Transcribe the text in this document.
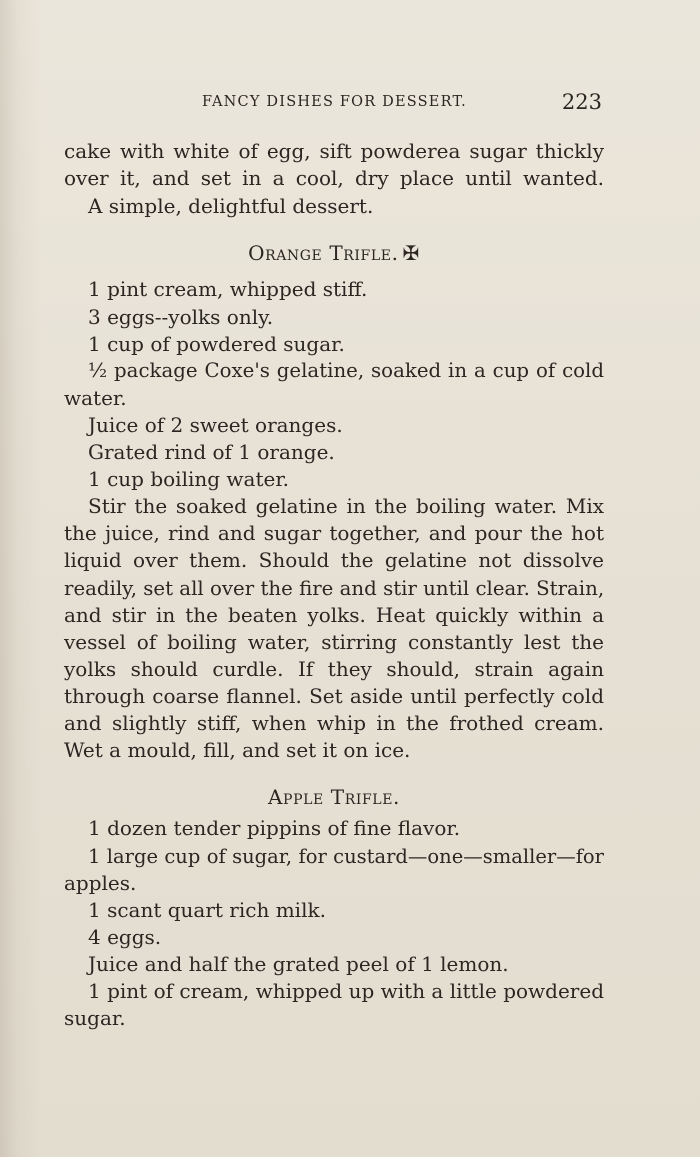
FANCY DISHES FOR DESSERT.	223
cake with white of egg, sift powderea sugar thickly
over it, and set in a cool, dry place until wanted.
A simple, delightful dessert.
Orange Trifle. ✠
1 pint cream, whipped stiff.
3 eggs--yolks only.
1 cup of powdered sugar.
½ package Coxe's gelatine, soaked in a cup of cold
water.
Juice of 2 sweet oranges.
Grated rind of 1 orange.
1 cup boiling water.
Stir the soaked gelatine in the boiling water. Mix
the juice, rind and sugar together, and pour the hot
liquid over them. Should the gelatine not dissolve
readily, set all over the fire and stir until clear. Strain,
and stir in the beaten yolks. Heat quickly within a
vessel of boiling water, stirring constantly lest the
yolks should curdle. If they should, strain again
through coarse flannel. Set aside until perfectly cold
and slightly stiff, when whip in the frothed cream.
Wet a mould, fill, and set it on ice.
Apple Trifle.
1 dozen tender pippins of fine flavor.
1 large cup of sugar, for custard—one—smaller—for
apples.
1 scant quart rich milk.
4 eggs.
Juice and half the grated peel of 1 lemon.
1 pint of cream, whipped up with a little powdered
sugar.
